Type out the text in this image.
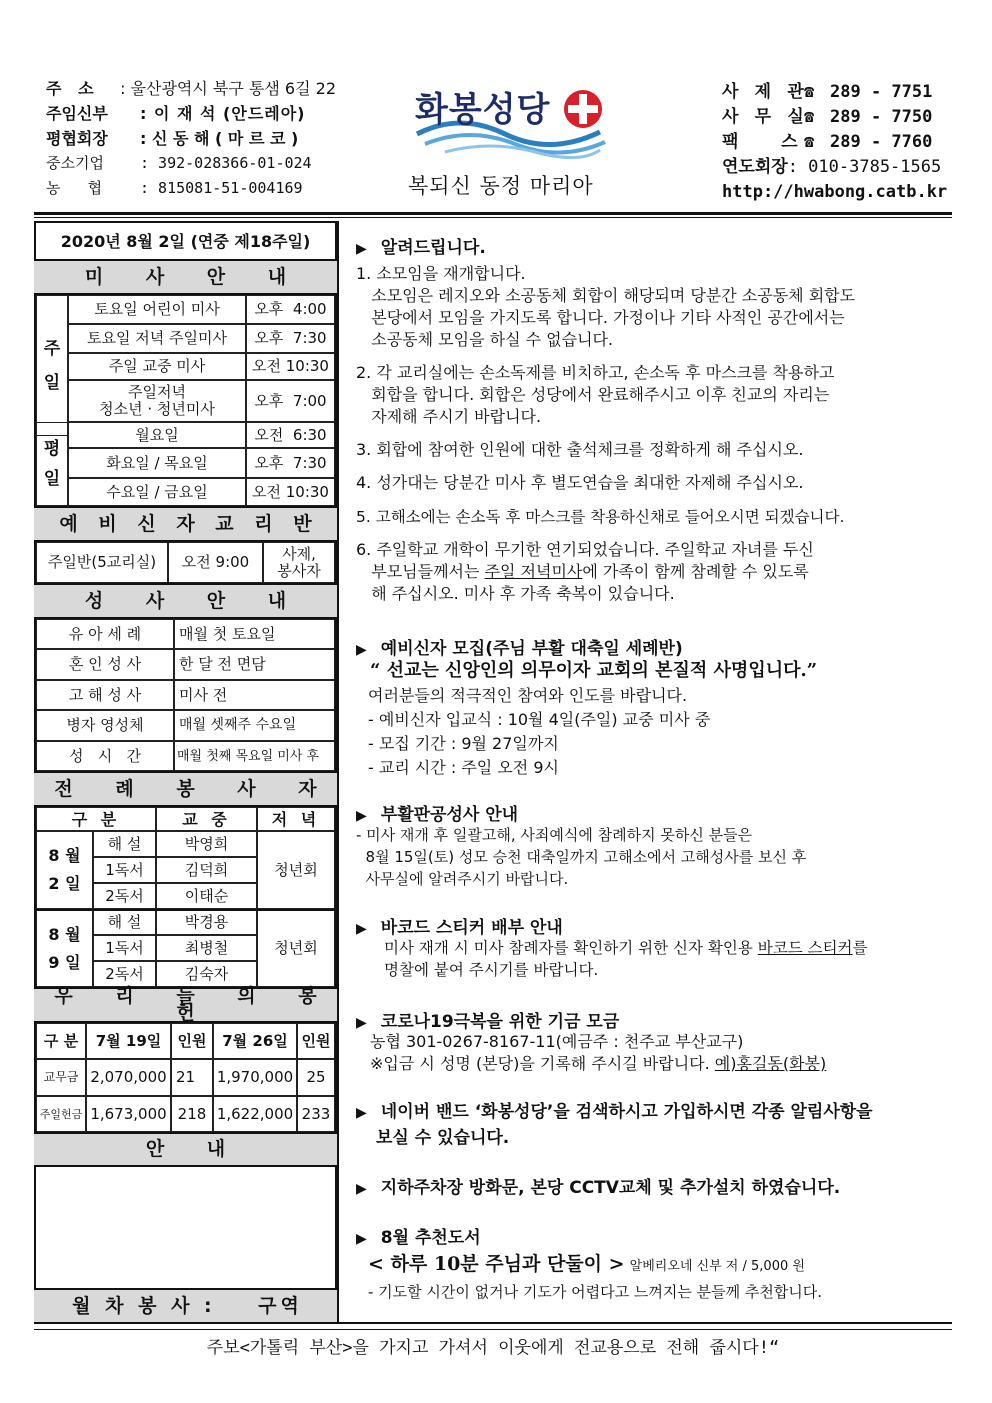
주   소	: 울산광역시 북구 통샘 6길 22
주임신부	: 이 재 석 (안드레아)
평협회장	: 신 동 해 ( 마 르 코 )
중소기업	: 392-028366-01-024
농   협	: 815081-51-004169
화봉성당
복되신 동정 마리아
사 제 관
☎ 289 - 7751
사 무 실
☎ 289 - 7750
팩   스 ☎ 289 - 7760
연도회장 : 010-3785-1565
http://hwabong.catb.kr
2020년 8월 2일 (연중 제18주일)
미 사 안 내
주
일
토요일 어린이 미사	오후  4:00
토요일 저녁 주일미사	오후  7:30
주일 교중 미사	오전 10:30
주일저녁
청소년 · 청년미사	오후  7:00
평
일
월요일	오전  6:30
화요일 / 목요일	오후  7:30
수요일 / 금요일	오전 10:30
예 비 신 자 교 리 반
주일반(5교리실)	오전 9:00	사제,
봉사자
성 사 안 내
유 아 세 례	매월 첫 토요일
혼 인 성 사	한 달 전 면담
고 해 성 사	미사 전
병자 영성체	매월 셋째주 수요일
성   시   간	매월 첫째 목요일 미사 후
전 례 봉 사 자
구 분	교 중	저 녁
8 월
2 일
해 설	박영희
1독서	김덕희
2독서	이태순
청년회
8 월
9 일
해 설	박경용
1독서	최병철
2독서	김숙자
청년회
우 리 들 의 봉 헌
구 분	7월 19일	인원	7월 26일 인원
교무금 2,070,000 21	1,970,000 25
주일헌금 1,673,000 218 1,622,000 233
안 내
월 차 봉 사 :    구역
▶ 알려드립니다.
1. 소모임을 재개합니다.
소모임은 레지오와 소공동체 회합이 해당되며 당분간 소공동체 회합도
본당에서 모임을 가지도록 합니다. 가정이나 기타 사적인 공간에서는
소공동체 모임을 하실 수 없습니다.
2. 각 교리실에는 손소독제를 비치하고, 손소독 후 마스크를 착용하고
회합을 합니다. 회합은 성당에서 완료해주시고 이후 친교의 자리는
자제해 주시기 바랍니다.
3. 회합에 참여한 인원에 대한 출석체크를 정확하게 해 주십시오.
4. 성가대는 당분간 미사 후 별도연습을 최대한 자제해 주십시오.
5. 고해소에는 손소독 후 마스크를 착용하신채로 들어오시면 되겠습니다.
6. 주일학교 개학이 무기한 연기되었습니다. 주일학교 자녀를 두신
부모님들께서는 주일 저녁미사에 가족이 함께 참례할 수 있도록
해 주십시오. 미사 후 가족 축복이 있습니다.
▶ 예비신자 모집(주님 부활 대축일 세례반)
“ 선교는 신앙인의 의무이자 교회의 본질적 사명입니다.”
여러분들의 적극적인 참여와 인도를 바랍니다.
- 예비신자 입교식 : 10월 4일(주일) 교중 미사 중
- 모집 기간 : 9월 27일까지
- 교리 시간 : 주일 오전 9시
▶ 부활판공성사 안내
- 미사 재개 후 일괄고해, 사죄예식에 참례하지 못하신 분들은
8월 15일(토) 성모 승천 대축일까지 고해소에서 고해성사를 보신 후
사무실에 알려주시기 바랍니다.
▶ 바코드 스티커 배부 안내
미사 재개 시 미사 참례자를 확인하기 위한 신자 확인용 바코드 스티커를
명찰에 붙여 주시기를 바랍니다.
▶ 코로나19극복을 위한 기금 모금
농협 301-0267-8167-11(예금주 : 천주교 부산교구)
※입금 시 성명 (본당)을 기록해 주시길 바랍니다. 예)홍길동(화봉)
▶ 네이버 밴드 ‘화봉성당’을 검색하시고 가입하시면 각종 알림사항을
보실 수 있습니다.
▶ 지하주차장 방화문, 본당 CCTV교체 및 추가설치 하였습니다.
▶ 8월 추천도서
< 하루 10분 주님과 단둘이 > 알베리오네 신부 저 / 5,000 원
- 기도할 시간이 없거나 기도가 어렵다고 느껴지는 분들께 추천합니다.
주보<가톨릭 부산>을 가지고 가셔서 이웃에게 전교용으로 전해 줍시다!“
